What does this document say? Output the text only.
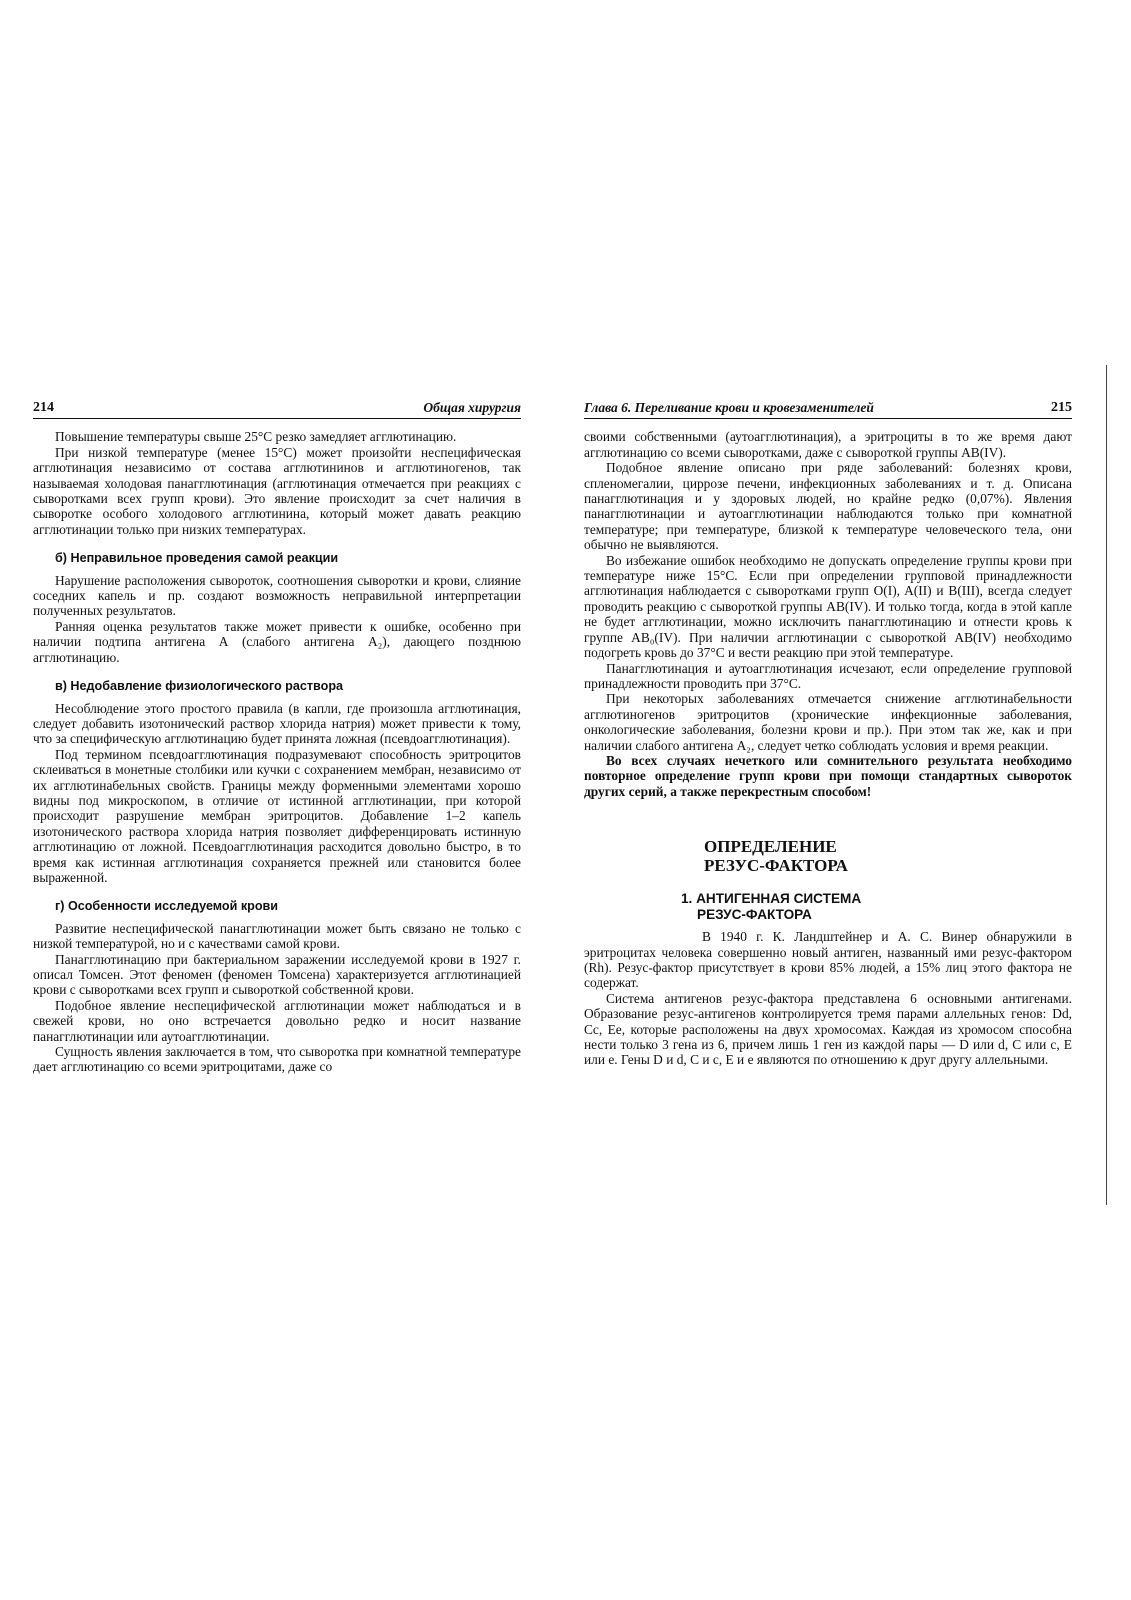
214	Общая хирургия

Повышение температуры свыше 25°С резко замедляет агглютинацию.

При низкой температуре (менее 15°С) может произойти неспецифическая агглютинация независимо от состава агглютининов и агглютиногенов, так называемая холодовая панагглютинация (агглютинация отмечается при реакциях с сыворотками всех групп крови). Это явление происходит за счет наличия в сыворотке особого холодового агглютинина, который может давать реакцию агглютинации только при низких температурах.

б) Неправильное проведения самой реакции

Нарушение расположения сывороток, соотношения сыворотки и крови, слияние соседних капель и пр. создают возможность неправильной интерпретации полученных результатов.

Ранняя оценка результатов также может привести к ошибке, особенно при наличии подтипа антигена А (слабого антигена А₂), дающего позднюю агглютинацию.

в) Недобавление физиологического раствора

Несоблюдение этого простого правила (в капли, где произошла агглютинация, следует добавить изотонический раствор хлорида натрия) может привести к тому, что за специфическую агглютинацию будет принята ложная (псевдоагглютинация).

Под термином псевдоагглютинация подразумевают способность эритроцитов склеиваться в монетные столбики или кучки с сохранением мембран, независимо от их агглютинабельных свойств. Границы между форменными элементами хорошо видны под микроскопом, в отличие от истинной агглютинации, при которой происходит разрушение мембран эритроцитов. Добавление 1–2 капель изотонического раствора хлорида натрия позволяет дифференцировать истинную агглютинацию от ложной. Псевдоагглютинация расходится довольно быстро, в то время как истинная агглютинация сохраняется прежней или становится более выраженной.

г) Особенности исследуемой крови

Развитие неспецифической панагглютинации может быть связано не только с низкой температурой, но и с качествами самой крови.

Панагглютинацию при бактериальном заражении исследуемой крови в 1927 г. описал Томсен. Этот феномен (феномен Томсена) характеризуется агглютинацией крови с сыворотками всех групп и сывороткой собственной крови.

Подобное явление неспецифической агглютинации может наблюдаться и в свежей крови, но оно встречается довольно редко и носит название панагглютинации или аутоагглютинации.

Сущность явления заключается в том, что сыворотка при комнатной температуре дает агглютинацию со всеми эритроцитами, даже со

Глава 6. Переливание крови и кровезаменителей	215

своими собственными (аутоагглютинация), а эритроциты в то же время дают агглютинацию со всеми сыворотками, даже с сывороткой группы AB(IV).

Подобное явление описано при ряде заболеваний: болезнях крови, спленомегалии, циррозе печени, инфекционных заболеваниях и т. д. Описана панагглютинация и у здоровых людей, но крайне редко (0,07%). Явления панагглютинации и аутоагглютинации наблюдаются только при комнатной температуре; при температуре, близкой к температуре человеческого тела, они обычно не выявляются.

Во избежание ошибок необходимо не допускать определение группы крови при температуре ниже 15°С. Если при определении групповой принадлежности агглютинация наблюдается с сыворотками групп O(I), A(II) и B(III), всегда следует проводить реакцию с сывороткой группы AB(IV). И только тогда, когда в этой капле не будет агглютинации, можно исключить панагглютинацию и отнести кровь к группе AB₀(IV). При наличии агглютинации с сывороткой AB(IV) необходимо подогреть кровь до 37°С и вести реакцию при этой температуре.

Панагглютинация и аутоагглютинация исчезают, если определение групповой принадлежности проводить при 37°С.

При некоторых заболеваниях отмечается снижение агглютинабельности агглютиногенов эритроцитов (хронические инфекционные заболевания, онкологические заболевания, болезни крови и пр.). При этом так же, как и при наличии слабого антигена А₂, следует четко соблюдать условия и время реакции.

Во всех случаях нечеткого или сомнительного результата необходимо повторное определение групп крови при помощи стандартных сывороток других серий, а также перекрестным способом!

ОПРЕДЕЛЕНИЕ
РЕЗУС-ФАКТОРА
1. АНТИГЕННАЯ СИСТЕМА
РЕЗУС-ФАКТОРА

В 1940 г. К. Ландштейнер и А. С. Винер обнаружили в эритроцитах человека совершенно новый антиген, названный ими резус-фактором (Rh). Резус-фактор присутствует в крови 85% людей, а 15% лиц этого фактора не содержат.

Система антигенов резус-фактора представлена 6 основными антигенами. Образование резус-антигенов контролируется тремя парами аллельных генов: Dd, Cc, Ee, которые расположены на двух хромосомах. Каждая из хромосом способна нести только 3 гена из 6, причем лишь 1 ген из каждой пары — D или d, C или c, E или e. Гены D и d, C и c, E и e являются по отношению к друг другу аллельными.
